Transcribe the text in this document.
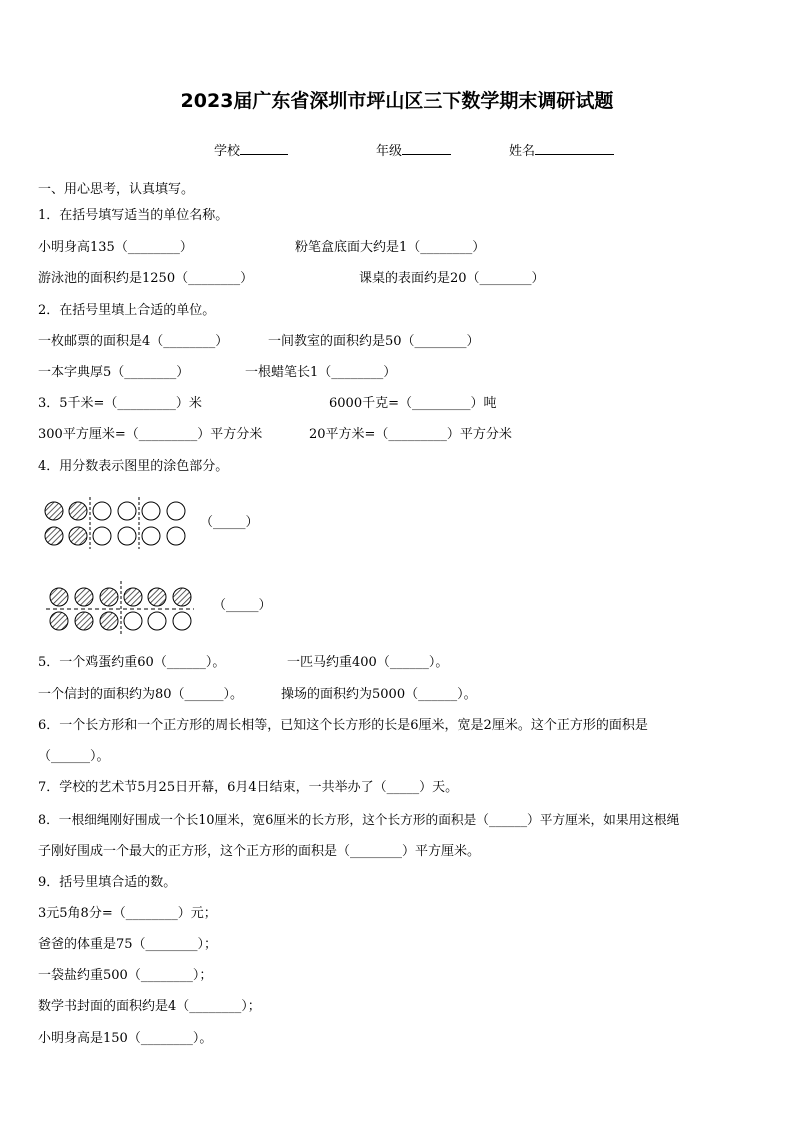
2023届广东省深圳市坪山区三下数学期末调研试题
学校	年级	姓名
一、用心思考，认真填写。
1．在括号填写适当的单位名称。
小明身高135（________）	粉笔盒底面大约是1（________）
游泳池的面积约是1250（________）	课桌的表面约是20（________）
2．在括号里填上合适的单位。
一枚邮票的面积是4（________）	一间教室的面积约是50（________）
一本字典厚5（________）	一根蜡笔长1（________）
3．5千米=（_________）米	6000千克=（_________）吨
300平方厘米=（_________）平方分米	20平方米=（_________）平方分米
4．用分数表示图里的涂色部分。
（_____）
（_____）
5．一个鸡蛋约重60（______）。	一匹马约重400（______）。
一个信封的面积约为80（______）。	操场的面积约为5000（______）。
6．一个长方形和一个正方形的周长相等，已知这个长方形的长是6厘米，宽是2厘米。这个正方形的面积是
（______）。
7．学校的艺术节5月25日开幕，6月4日结束，一共举办了（_____）天。
8．一根细绳刚好围成一个长10厘米，宽6厘米的长方形，这个长方形的面积是（______）平方厘米，如果用这根绳
子刚好围成一个最大的正方形，这个正方形的面积是（________）平方厘米。
9．括号里填合适的数。
3元5角8分=（________）元；
爸爸的体重是75（________）；
一袋盐约重500（________）；
数学书封面的面积约是4（________）；
小明身高是150（________）。
